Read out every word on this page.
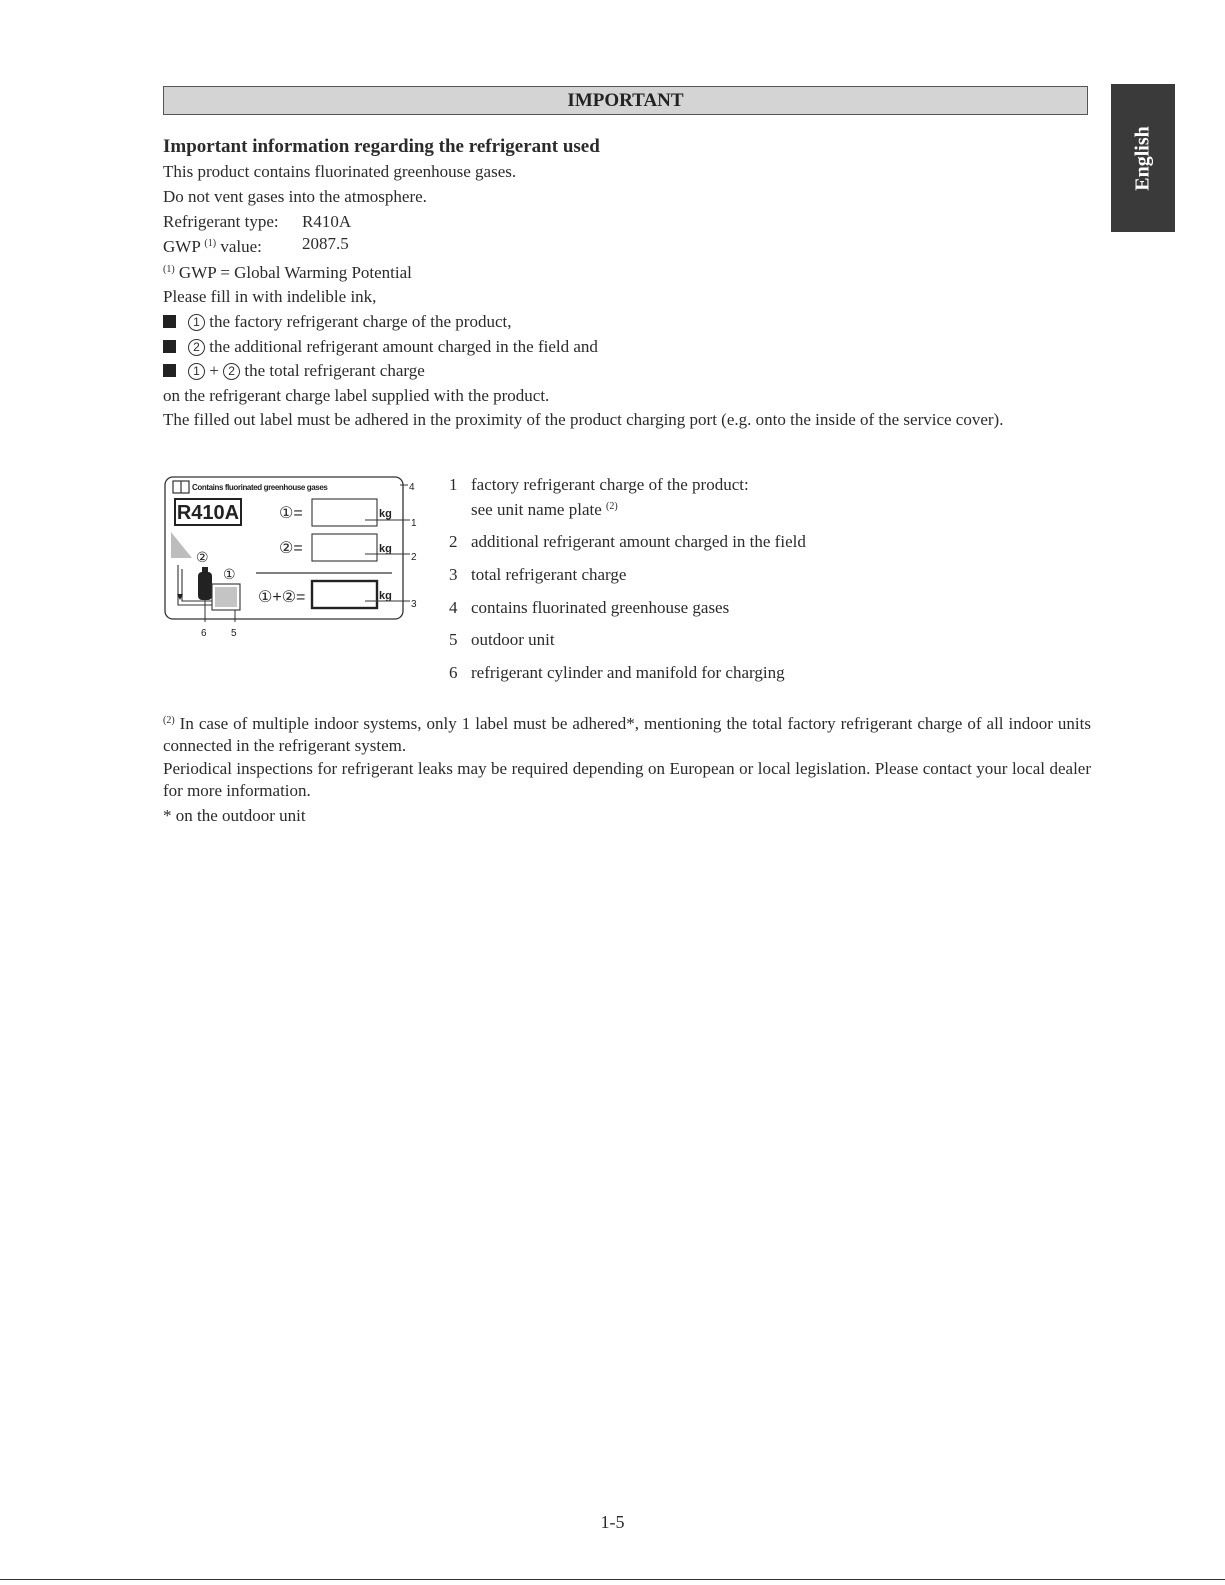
IMPORTANT
English
Important information regarding the refrigerant used
This product contains fluorinated greenhouse gases.
Do not vent gases into the atmosphere.
Refrigerant type: R410A
GWP $^{(1)}$ value: 2087.5
$^{(1)}$ GWP = Global Warming Potential
Please fill in with indelible ink,
1 the factory refrigerant charge of the product,
2 the additional refrigerant amount charged in the field and
1 + 2 the total refrigerant charge
on the refrigerant charge label supplied with the product.
The filled out label must be adhered in the proximity of the product charging port (e.g. onto the inside of the service cover).
Contains fluorinated greenhouse gases
R410A ①=	kg
②=	kg
①+②=	kg
②
①
4
1
2
3
6 5
1 factory refrigerant charge of the product:
see unit name plate $^{(2)}$
2 additional refrigerant amount charged in the field
3 total refrigerant charge
4 contains fluorinated greenhouse gases
5 outdoor unit
6 refrigerant cylinder and manifold for charging
$^{(2)}$ In case of multiple indoor systems, only 1 label must be adhered*, mentioning the total factory refrigerant charge of all indoor units connected in the refrigerant system.
Periodical inspections for refrigerant leaks may be required depending on European or local legislation. Please contact your local dealer for more information.
* on the outdoor unit
1-5
